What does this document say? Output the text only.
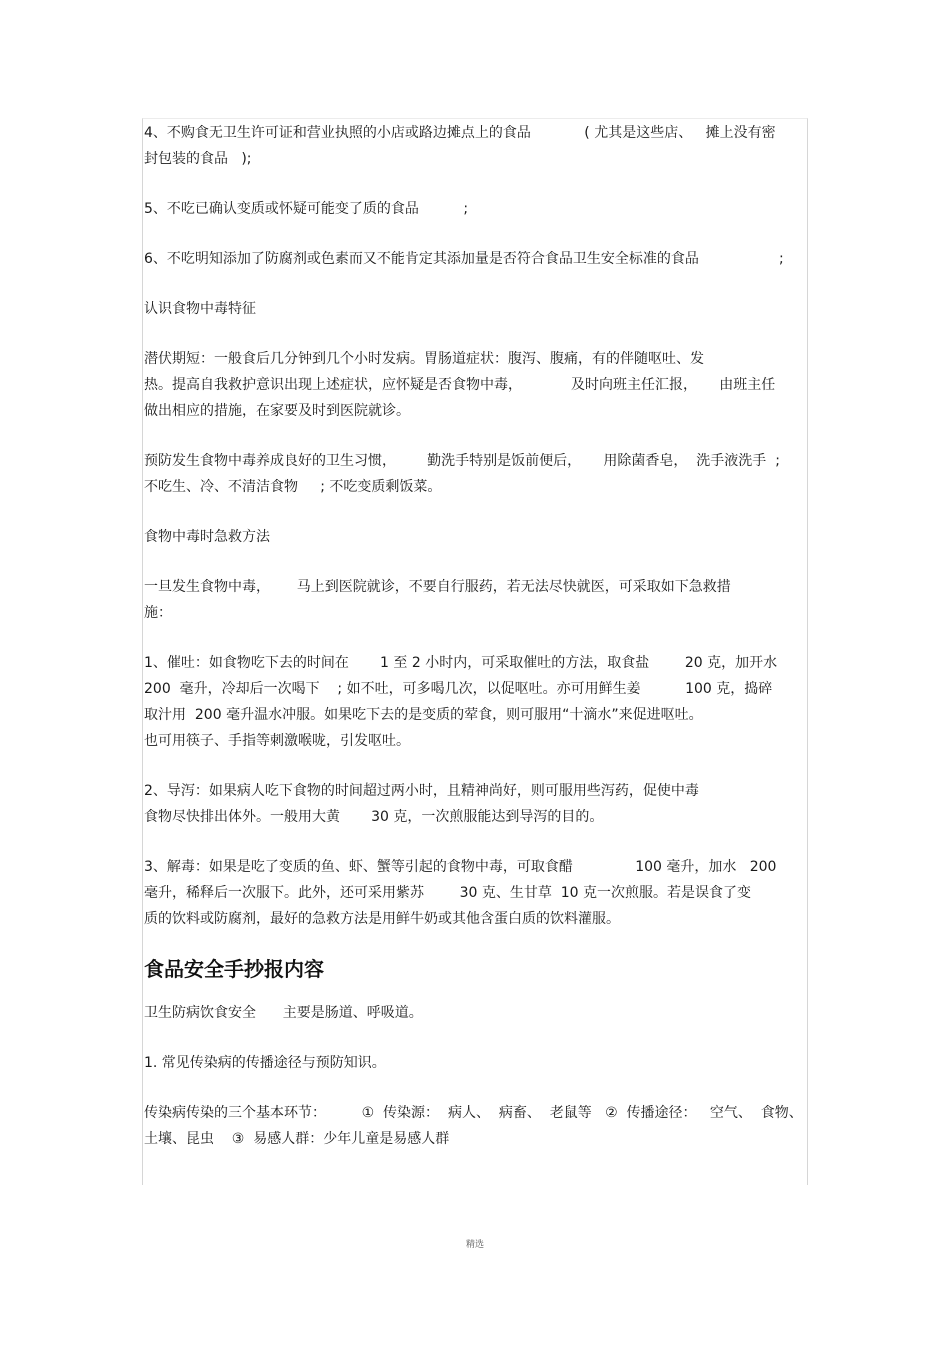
4、不购食无卫生许可证和营业执照的小店或路边摊点上的食品            ( 尤其是这些店、   摊上没有密
封包装的食品   );

5、不吃已确认变质或怀疑可能变了质的食品          ;

6、不吃明知添加了防腐剂或色素而又不能肯定其添加量是否符合食品卫生安全标准的食品                  ;

认识食物中毒特征

潜伏期短：一般食后几分钟到几个小时发病。胃肠道症状：腹泻、腹痛，有的伴随呕吐、发
热。提高自我救护意识出现上述症状，应怀疑是否食物中毒，           及时向班主任汇报，     由班主任
做出相应的措施，在家要及时到医院就诊。

预防发生食物中毒养成良好的卫生习惯，       勤洗手特别是饭前便后，     用除菌香皂，  洗手液洗手  ;
不吃生、冷、不清洁食物     ; 不吃变质剩饭菜。

食物中毒时急救方法

一旦发生食物中毒，      马上到医院就诊，不要自行服药，若无法尽快就医，可采取如下急救措
施：

1、催吐：如食物吃下去的时间在       1 至 2 小时内，可采取催吐的方法，取食盐        20 克，加开水
200  毫升，冷却后一次喝下    ; 如不吐，可多喝几次，以促呕吐。亦可用鲜生姜          100 克，捣碎
取汁用  200 毫升温水冲服。如果吃下去的是变质的荤食，则可服用“十滴水”来促进呕吐。
也可用筷子、手指等刺激喉咙，引发呕吐。

2、导泻：如果病人吃下食物的时间超过两小时，且精神尚好，则可服用些泻药，促使中毒
食物尽快排出体外。一般用大黄       30 克，一次煎服能达到导泻的目的。

3、解毒：如果是吃了变质的鱼、虾、蟹等引起的食物中毒，可取食醋              100 毫升，加水   200
毫升，稀释后一次服下。此外，还可采用紫苏        30 克、生甘草  10 克一次煎服。若是误食了变
质的饮料或防腐剂，最好的急救方法是用鲜牛奶或其他含蛋白质的饮料灌服。

食品安全手抄报内容

卫生防病饮食安全      主要是肠道、呼吸道。

1. 常见传染病的传播途径与预防知识。

传染病传染的三个基本环节：        ①  传染源：  病人、  病畜、  老鼠等   ②  传播途径：   空气、  食物、
土壤、昆虫    ③  易感人群：少年儿童是易感人群

精选
